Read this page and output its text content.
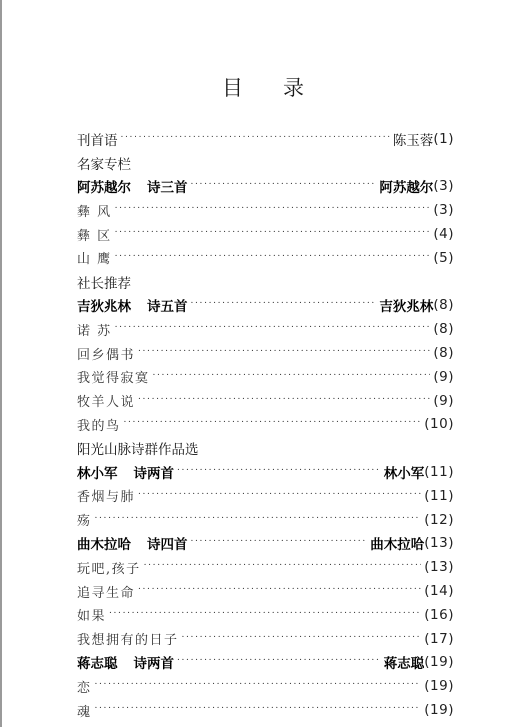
目 录
刊首语 . . .	陈玉蓉 (1)
名家专栏
阿苏越尔 诗三首 . . .	阿苏越尔 (3)
彝 风 . . .	(3)
彝 区 . . .	(4)
山 鹰 . . .	(5)
社长推荐
吉狄兆林 诗五首 . . .	吉狄兆林 (8)
诺 苏 . . .	(8)
回乡偶书 . . .	(8)
我觉得寂寞 . . .	(9)
牧羊人说 . . .	(9)
我的鸟 . . .	(10)
阳光山脉诗群作品选
林小军 诗两首 . . .	林小军 (11)
香烟与肺 . . .	(11)
殇 . . .	(12)
曲木拉哈 诗四首 . . .	曲木拉哈 (13)
玩吧,孩子 . . .	(13)
追寻生命 . . .	(14)
如果 . . .	(16)
我想拥有的日子 . . .	(17)
蒋志聪 诗两首 . . .	蒋志聪 (19)
恋 . . .	(19)
魂 . . .	(19)
